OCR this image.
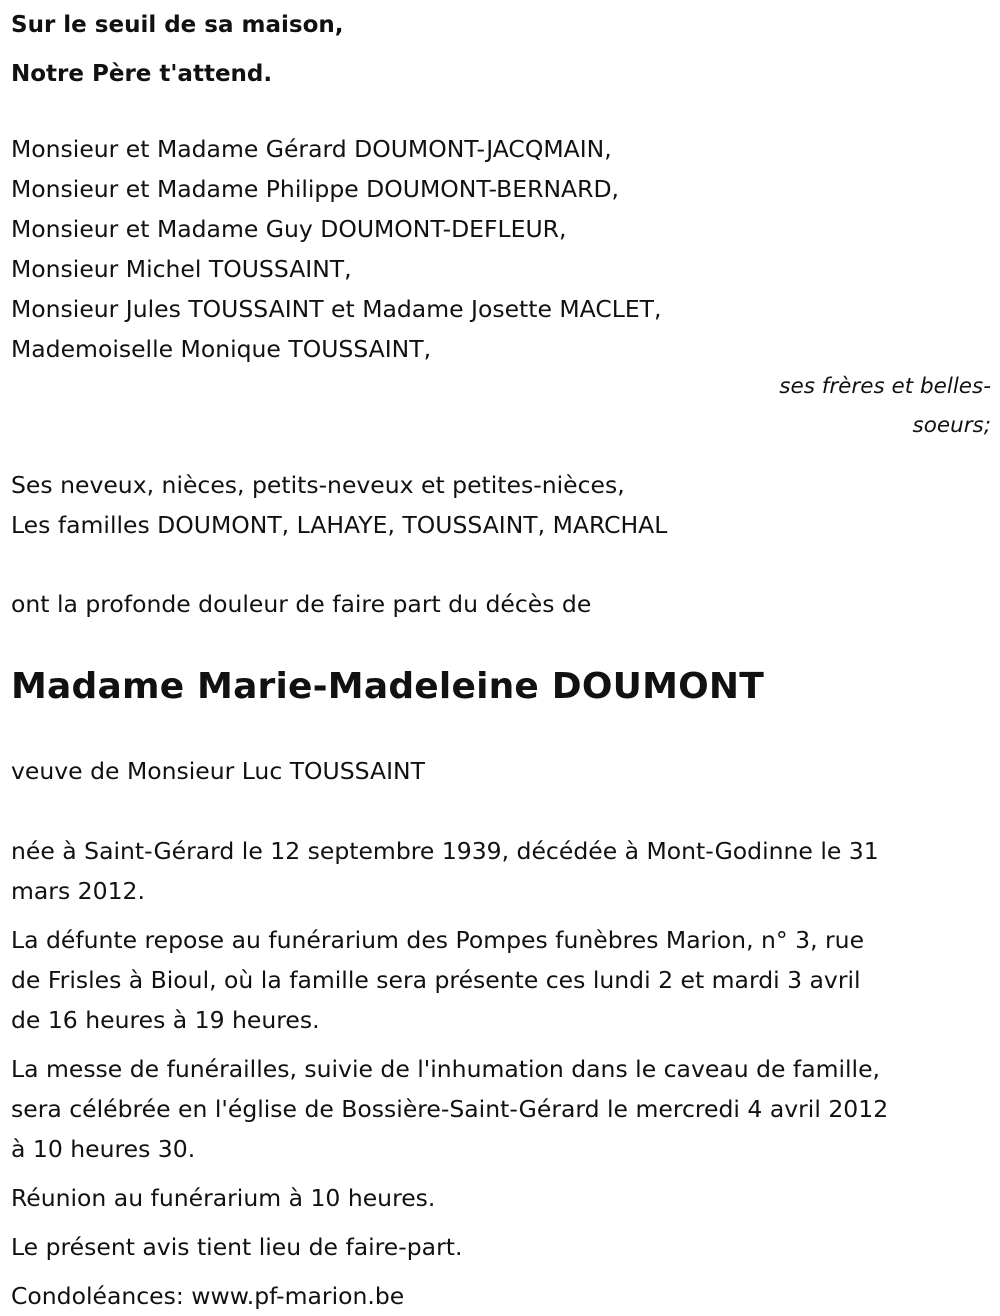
Sur le seuil de sa maison,
Notre Père t'attend.
Monsieur et Madame Gérard DOUMONT-JACQMAIN,
Monsieur et Madame Philippe DOUMONT-BERNARD,
Monsieur et Madame Guy DOUMONT-DEFLEUR,
Monsieur Michel TOUSSAINT,
Monsieur Jules TOUSSAINT et Madame Josette MACLET,
Mademoiselle Monique TOUSSAINT,
ses frères et belles-
soeurs;
Ses neveux, nièces, petits-neveux et petites-nièces,
Les familles DOUMONT, LAHAYE, TOUSSAINT, MARCHAL
ont la profonde douleur de faire part du décès de
Madame Marie-Madeleine DOUMONT
veuve de Monsieur Luc TOUSSAINT
née à Saint-Gérard le 12 septembre 1939, décédée à Mont-Godinne le 31
mars 2012.
La défunte repose au funérarium des Pompes funèbres Marion, n° 3, rue
de Frisles à Bioul, où la famille sera présente ces lundi 2 et mardi 3 avril
de 16 heures à 19 heures.
La messe de funérailles, suivie de l'inhumation dans le caveau de famille,
sera célébrée en l'église de Bossière-Saint-Gérard le mercredi 4 avril 2012
à 10 heures 30.
Réunion au funérarium à 10 heures.
Le présent avis tient lieu de faire-part.
Condoléances: www.pf-marion.be
